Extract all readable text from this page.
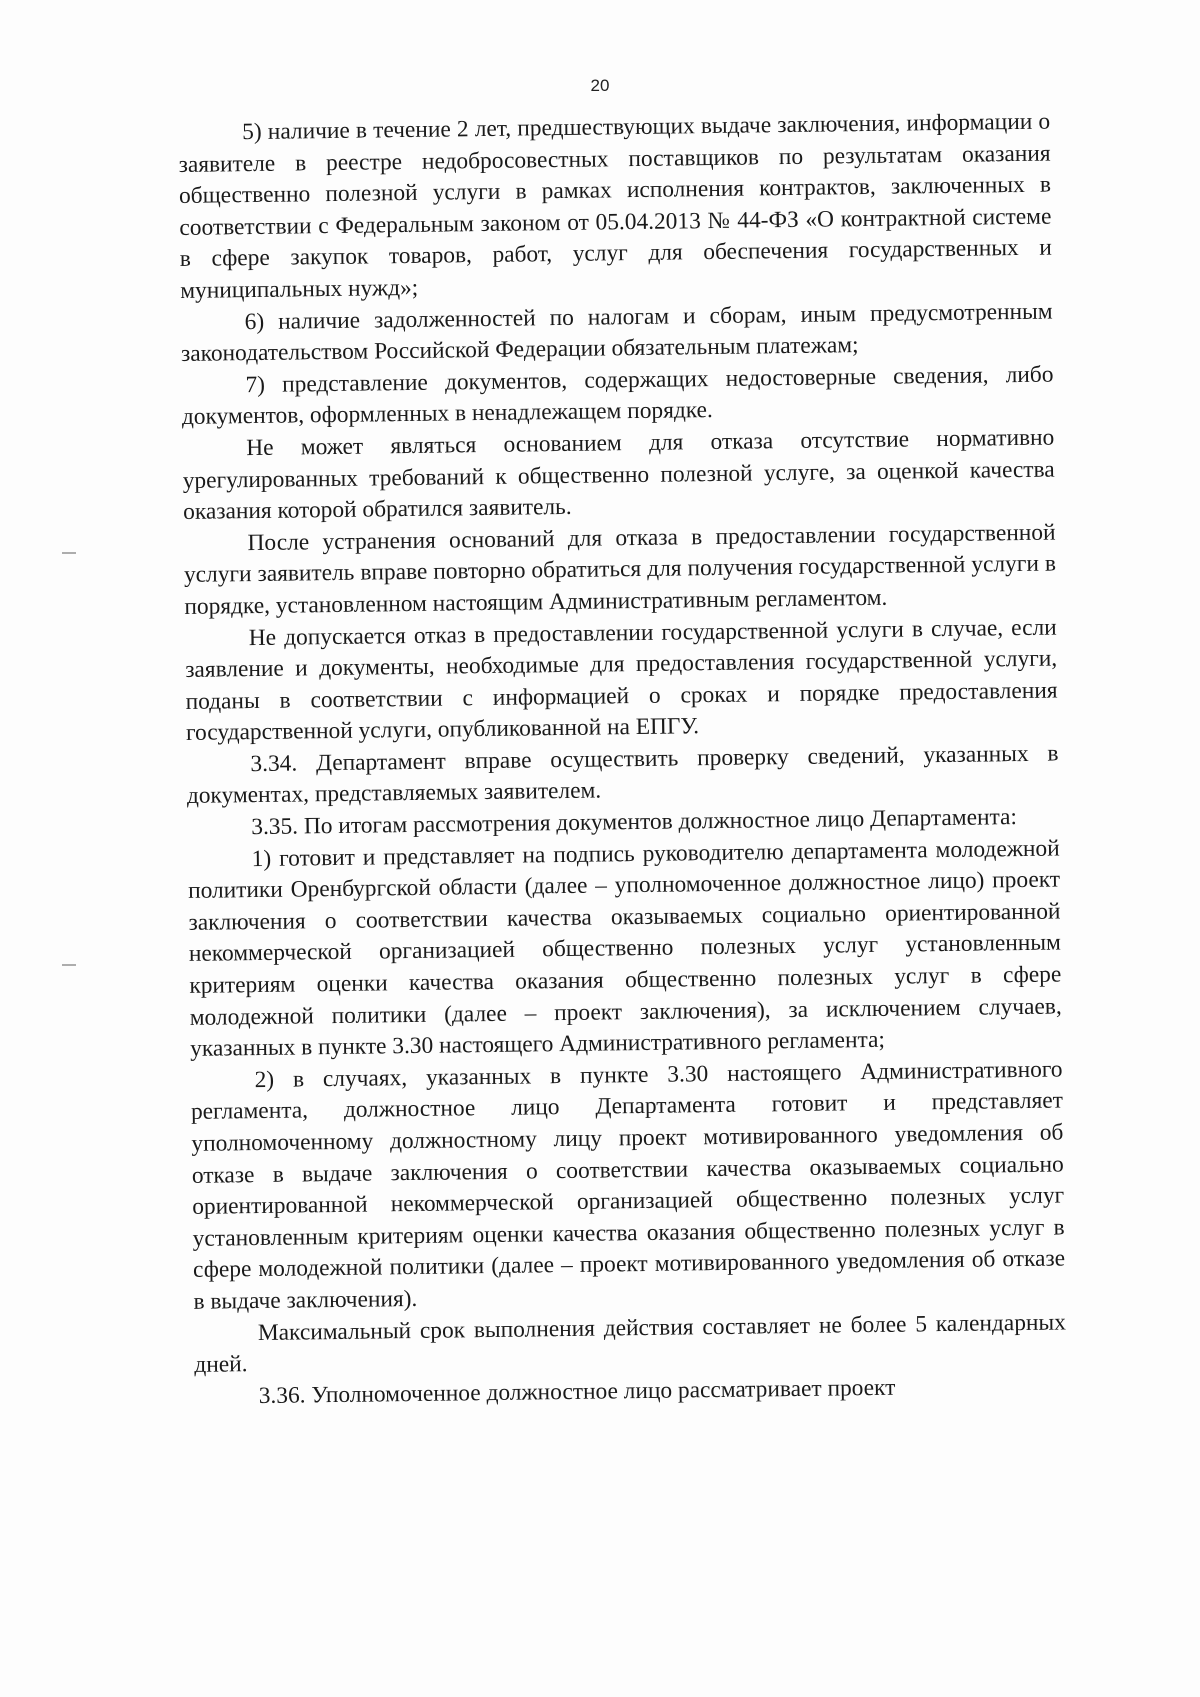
20

5) наличие в течение 2 лет, предшествующих выдаче заключения, информации о заявителе в реестре недобросовестных поставщиков по результатам оказания общественно полезной услуги в рамках исполнения контрактов, заключенных в соответствии с Федеральным законом от 05.04.2013 № 44-ФЗ «О контрактной системе в сфере закупок товаров, работ, услуг для обеспечения государственных и муниципальных нужд»;

6) наличие задолженностей по налогам и сборам, иным предусмотренным законодательством Российской Федерации обязательным платежам;

7) представление документов, содержащих недостоверные сведения, либо документов, оформленных в ненадлежащем порядке.

Не может являться основанием для отказа отсутствие нормативно урегулированных требований к общественно полезной услуге, за оценкой качества оказания которой обратился заявитель.

После устранения оснований для отказа в предоставлении государственной услуги заявитель вправе повторно обратиться для получения государственной услуги в порядке, установленном настоящим Административным регламентом.

Не допускается отказ в предоставлении государственной услуги в случае, если заявление и документы, необходимые для предоставления государственной услуги, поданы в соответствии с информацией о сроках и порядке предоставления государственной услуги, опубликованной на ЕПГУ.

3.34. Департамент вправе осуществить проверку сведений, указанных в документах, представляемых заявителем.

3.35. По итогам рассмотрения документов должностное лицо Департамента:

1) готовит и представляет на подпись руководителю департамента молодежной политики Оренбургской области (далее – уполномоченное должностное лицо) проект заключения о соответствии качества оказываемых социально ориентированной некоммерческой организацией общественно полезных услуг установленным критериям оценки качества оказания общественно полезных услуг в сфере молодежной политики (далее – проект заключения), за исключением случаев, указанных в пункте 3.30 настоящего Административного регламента;

2) в случаях, указанных в пункте 3.30 настоящего Административного регламента, должностное лицо Департамента готовит и представляет уполномоченному должностному лицу проект мотивированного уведомления об отказе в выдаче заключения о соответствии качества оказываемых социально ориентированной некоммерческой организацией общественно полезных услуг установленным критериям оценки качества оказания общественно полезных услуг в сфере молодежной политики (далее – проект мотивированного уведомления об отказе в выдаче заключения).

Максимальный срок выполнения действия составляет не более 5 календарных дней.

3.36. Уполномоченное должностное лицо рассматривает проект
